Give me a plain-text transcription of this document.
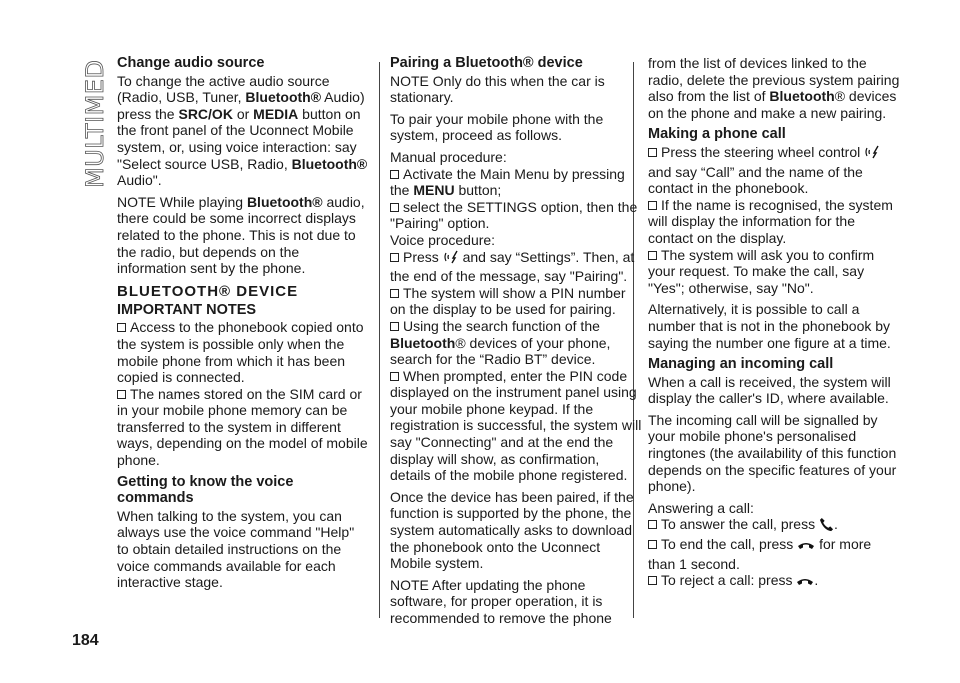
MULTIMEDIA Change audio source

To change the active audio source (Radio, USB, Tuner, Bluetooth® Audio) press the SRC/OK or MEDIA button on the front panel of the Uconnect Mobile system, or, using voice interaction: say "Select source USB, Radio, Bluetooth® Audio".

NOTE While playing Bluetooth® audio, there could be some incorrect displays related to the phone. This is not due to the radio, but depends on the information sent by the phone.

BLUETOOTH® DEVICE
IMPORTANT NOTES

Access to the phonebook copied onto the system is possible only when the mobile phone from which it has been copied is connected.

The names stored on the SIM card or in your mobile phone memory can be transferred to the system in different ways, depending on the model of mobile phone.

Getting to know the voice commands

When talking to the system, you can always use the voice command "Help" to obtain detailed instructions on the voice commands available for each interactive stage.

Pairing a Bluetooth® device

NOTE Only do this when the car is stationary.

To pair your mobile phone with the system, proceed as follows.

Manual procedure:

Activate the Main Menu by pressing the MENU button;

select the SETTINGS option, then the "Pairing" option.

Voice procedure:

Press  and say “Settings”. Then, at the end of the message, say "Pairing".

The system will show a PIN number on the display to be used for pairing.

Using the search function of the Bluetooth® devices of your phone, search for the “Radio BT” device.

When prompted, enter the PIN code displayed on the instrument panel using your mobile phone keypad. If the registration is successful, the system will say "Connecting" and at the end the display will show, as confirmation, details of the mobile phone registered.

Once the device has been paired, if the function is supported by the phone, the system automatically asks to download the phonebook onto the Uconnect Mobile system.

NOTE After updating the phone software, for proper operation, it is recommended to remove the phone

from the list of devices linked to the radio, delete the previous system pairing also from the list of Bluetooth® devices on the phone and make a new pairing.

Making a phone call

Press the steering wheel control  and say “Call” and the name of the contact in the phonebook.

If the name is recognised, the system will display the information for the contact on the display.

The system will ask you to confirm your request. To make the call, say "Yes"; otherwise, say "No".

Alternatively, it is possible to call a number that is not in the phonebook by saying the number one figure at a time.

Managing an incoming call

When a call is received, the system will display the caller's ID, where available.

The incoming call will be signalled by your mobile phone's personalised ringtones (the availability of this function depends on the specific features of your phone).

Answering a call:

To answer the call, press .

To end the call, press  for more than 1 second.

To reject a call: press .

184
